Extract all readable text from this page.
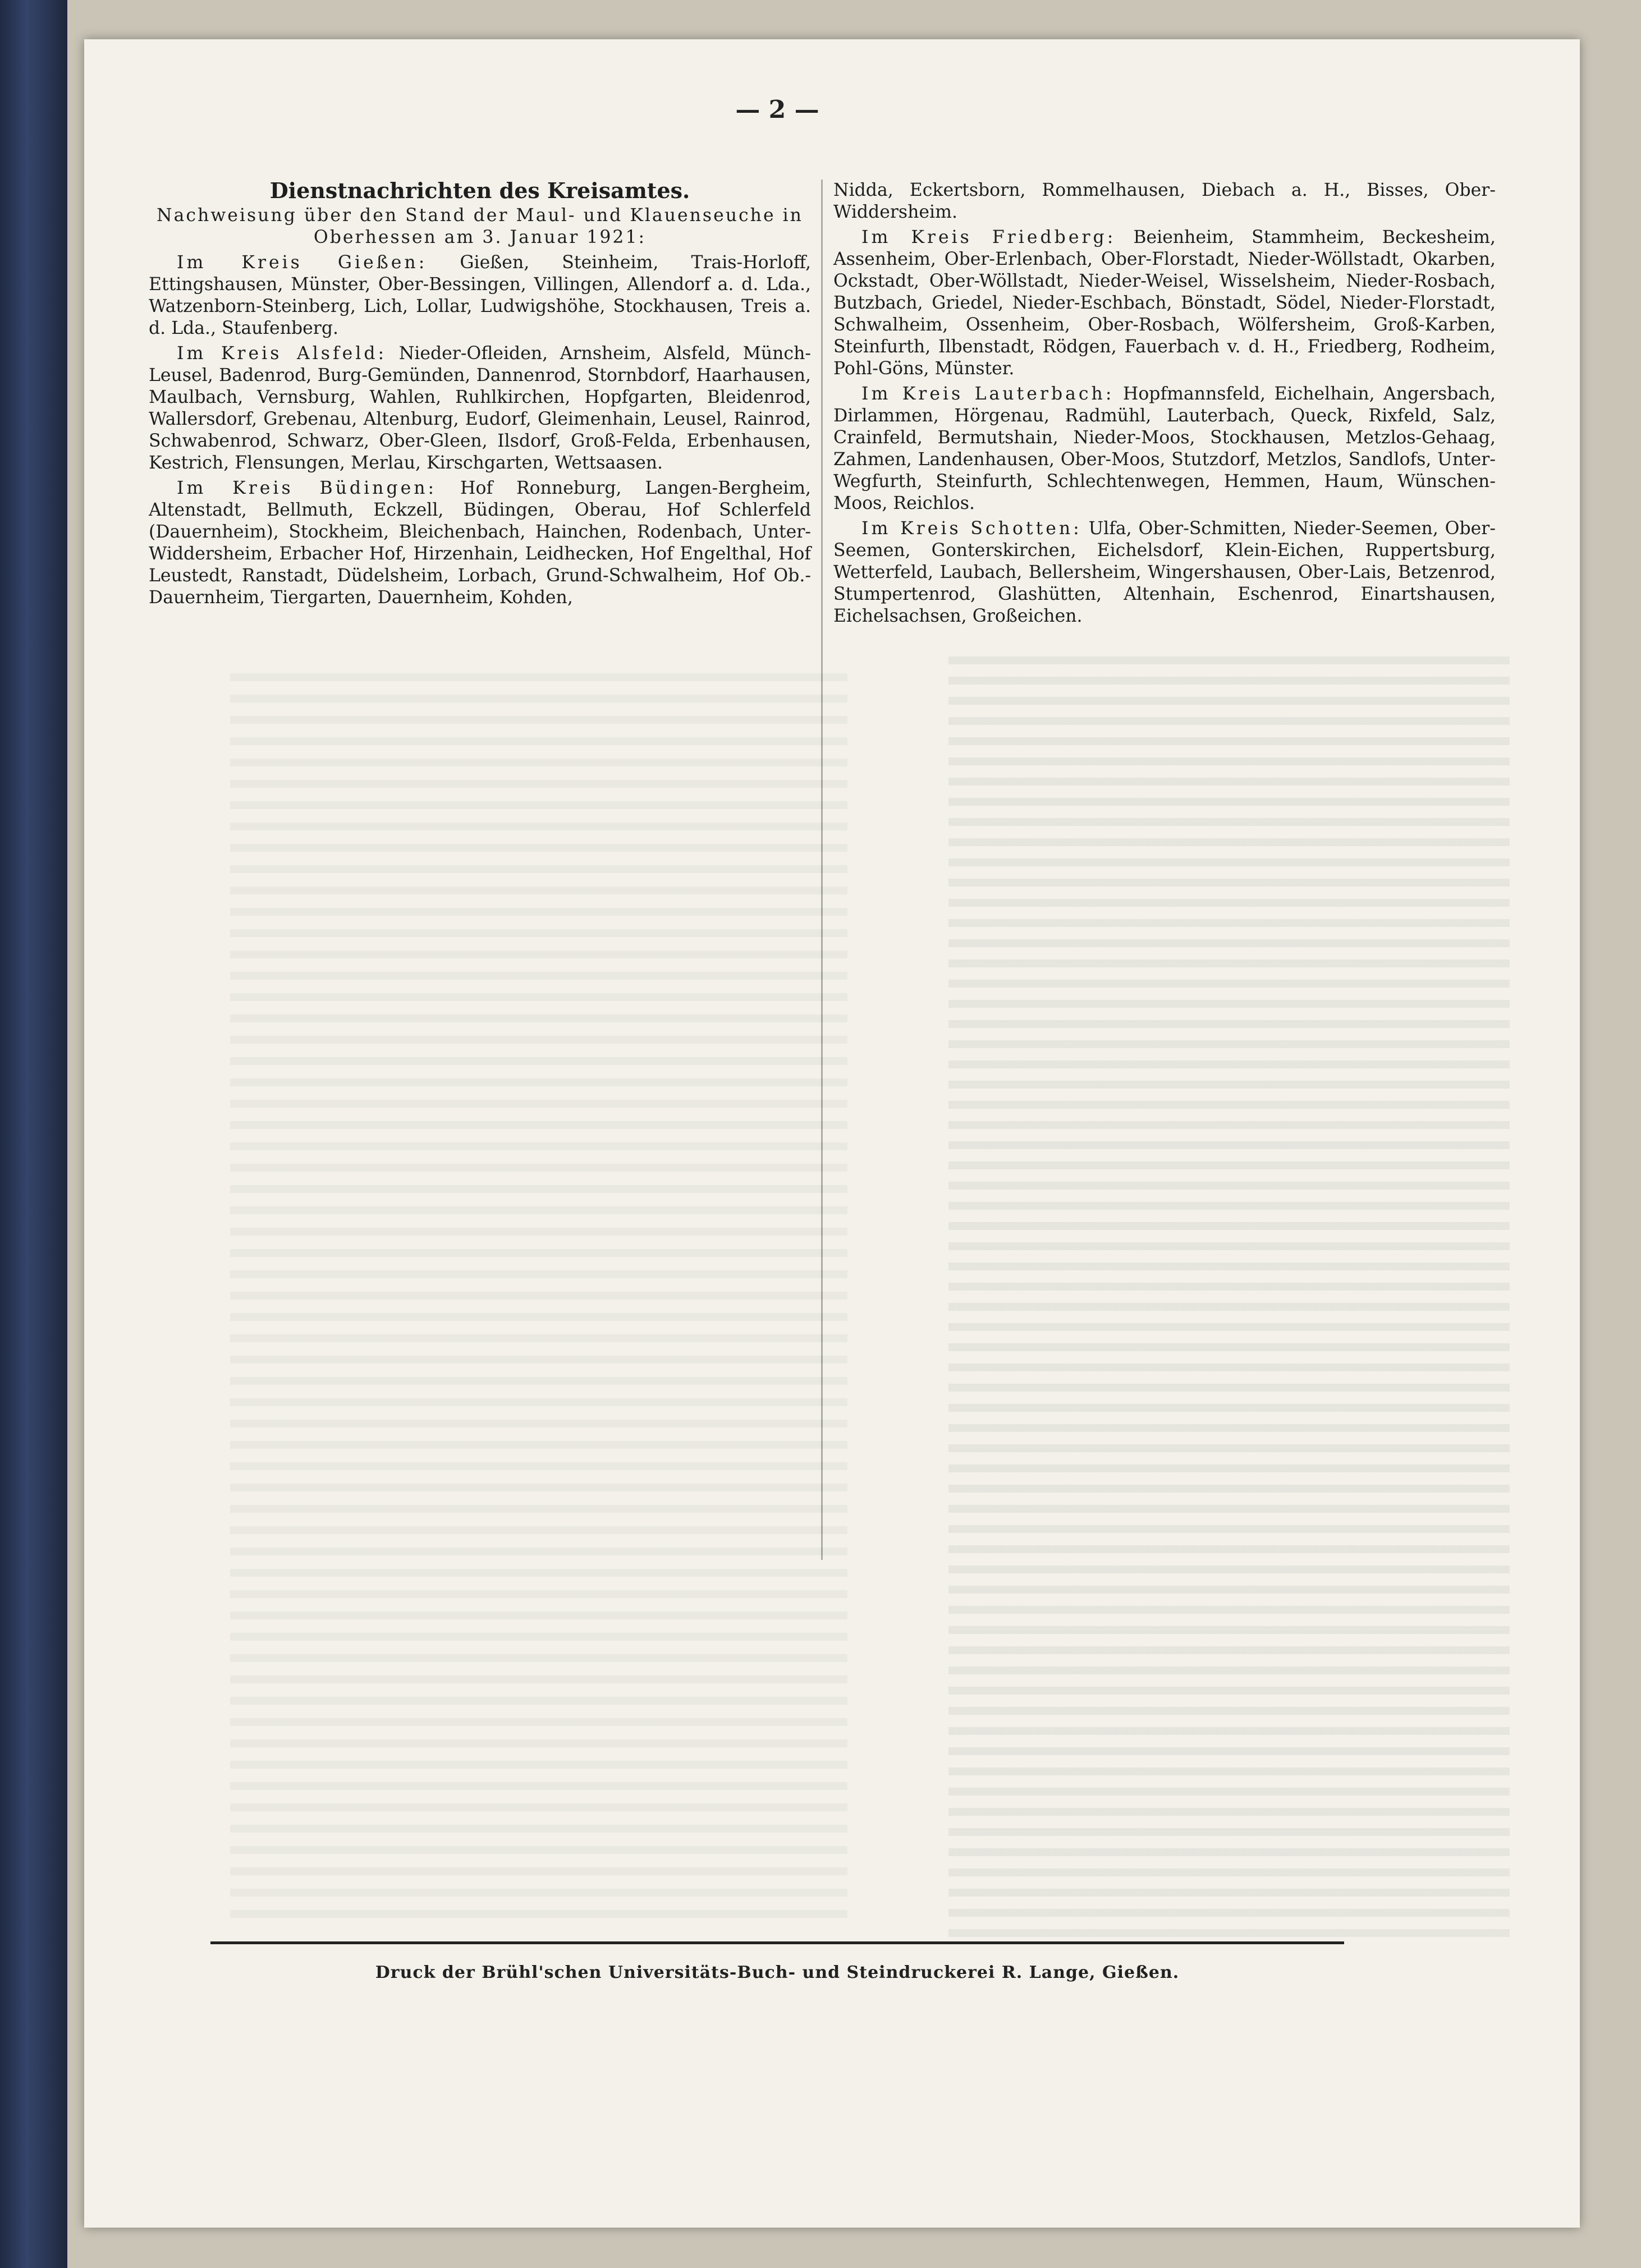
— 2 —
Dienstnachrichten des Kreisamtes.
Nachweisung über den Stand der Maul- und Klauenseuche in Oberhessen am 3. Januar 1921:

Im Kreis Gießen: Gießen, Steinheim, Trais-Horloff, Ettingshausen, Münster, Ober-Bessingen, Villingen, Allendorf a. d. Lda., Watzenborn-Steinberg, Lich, Lollar, Ludwigshöhe, Stockhausen, Treis a. d. Lda., Staufenberg.

Im Kreis Alsfeld: Nieder-Ofleiden, Arnsheim, Alsfeld, Münch-Leusel, Badenrod, Burg-Gemünden, Dannenrod, Stornbdorf, Haarhausen, Maulbach, Vernsburg, Wahlen, Ruhlkirchen, Hopfgarten, Bleidenrod, Wallersdorf, Grebenau, Altenburg, Eudorf, Gleimenhain, Leusel, Rainrod, Schwabenrod, Schwarz, Ober-Gleen, Ilsdorf, Groß-Felda, Erbenhausen, Kestrich, Flensungen, Merlau, Kirschgarten, Wettsaasen.

Im Kreis Büdingen: Hof Ronneburg, Langen-Bergheim, Altenstadt, Bellmuth, Eckzell, Büdingen, Oberau, Hof Schlerfeld (Dauernheim), Stockheim, Bleichenbach, Hainchen, Rodenbach, Unter-Widdersheim, Erbacher Hof, Hirzenhain, Leidhecken, Hof Engelthal, Hof Leustedt, Ranstadt, Düdelsheim, Lorbach, Grund-Schwalheim, Hof Ob.-Dauernheim, Tiergarten, Dauernheim, Kohden,

Nidda, Eckertsborn, Rommelhausen, Diebach a. H., Bisses, Ober-Widdersheim.

Im Kreis Friedberg: Beienheim, Stammheim, Beckesheim, Assenheim, Ober-Erlenbach, Ober-Florstadt, Nieder-Wöllstadt, Okarben, Ockstadt, Ober-Wöllstadt, Nieder-Weisel, Wisselsheim, Nieder-Rosbach, Butzbach, Griedel, Nieder-Eschbach, Bönstadt, Södel, Nieder-Florstadt, Schwalheim, Ossenheim, Ober-Rosbach, Wölfersheim, Groß-Karben, Steinfurth, Ilbenstadt, Rödgen, Fauerbach v. d. H., Friedberg, Rodheim, Pohl-Göns, Münster.

Im Kreis Lauterbach: Hopfmannsfeld, Eichelhain, Angersbach, Dirlammen, Hörgenau, Radmühl, Lauterbach, Queck, Rixfeld, Salz, Crainfeld, Bermutshain, Nieder-Moos, Stockhausen, Metzlos-Gehaag, Zahmen, Landenhausen, Ober-Moos, Stutzdorf, Metzlos, Sandlofs, Unter-Wegfurth, Steinfurth, Schlechtenwegen, Hemmen, Haum, Wünschen-Moos, Reichlos.

Im Kreis Schotten: Ulfa, Ober-Schmitten, Nieder-Seemen, Ober-Seemen, Gonterskirchen, Eichelsdorf, Klein-Eichen, Ruppertsburg, Wetterfeld, Laubach, Bellersheim, Wingershausen, Ober-Lais, Betzenrod, Stumpertenrod, Glashütten, Altenhain, Eschenrod, Einartshausen, Eichelsachsen, Großeichen.

Druck der Brühl'schen Universitäts-Buch- und Steindruckerei R. Lange, Gießen.
